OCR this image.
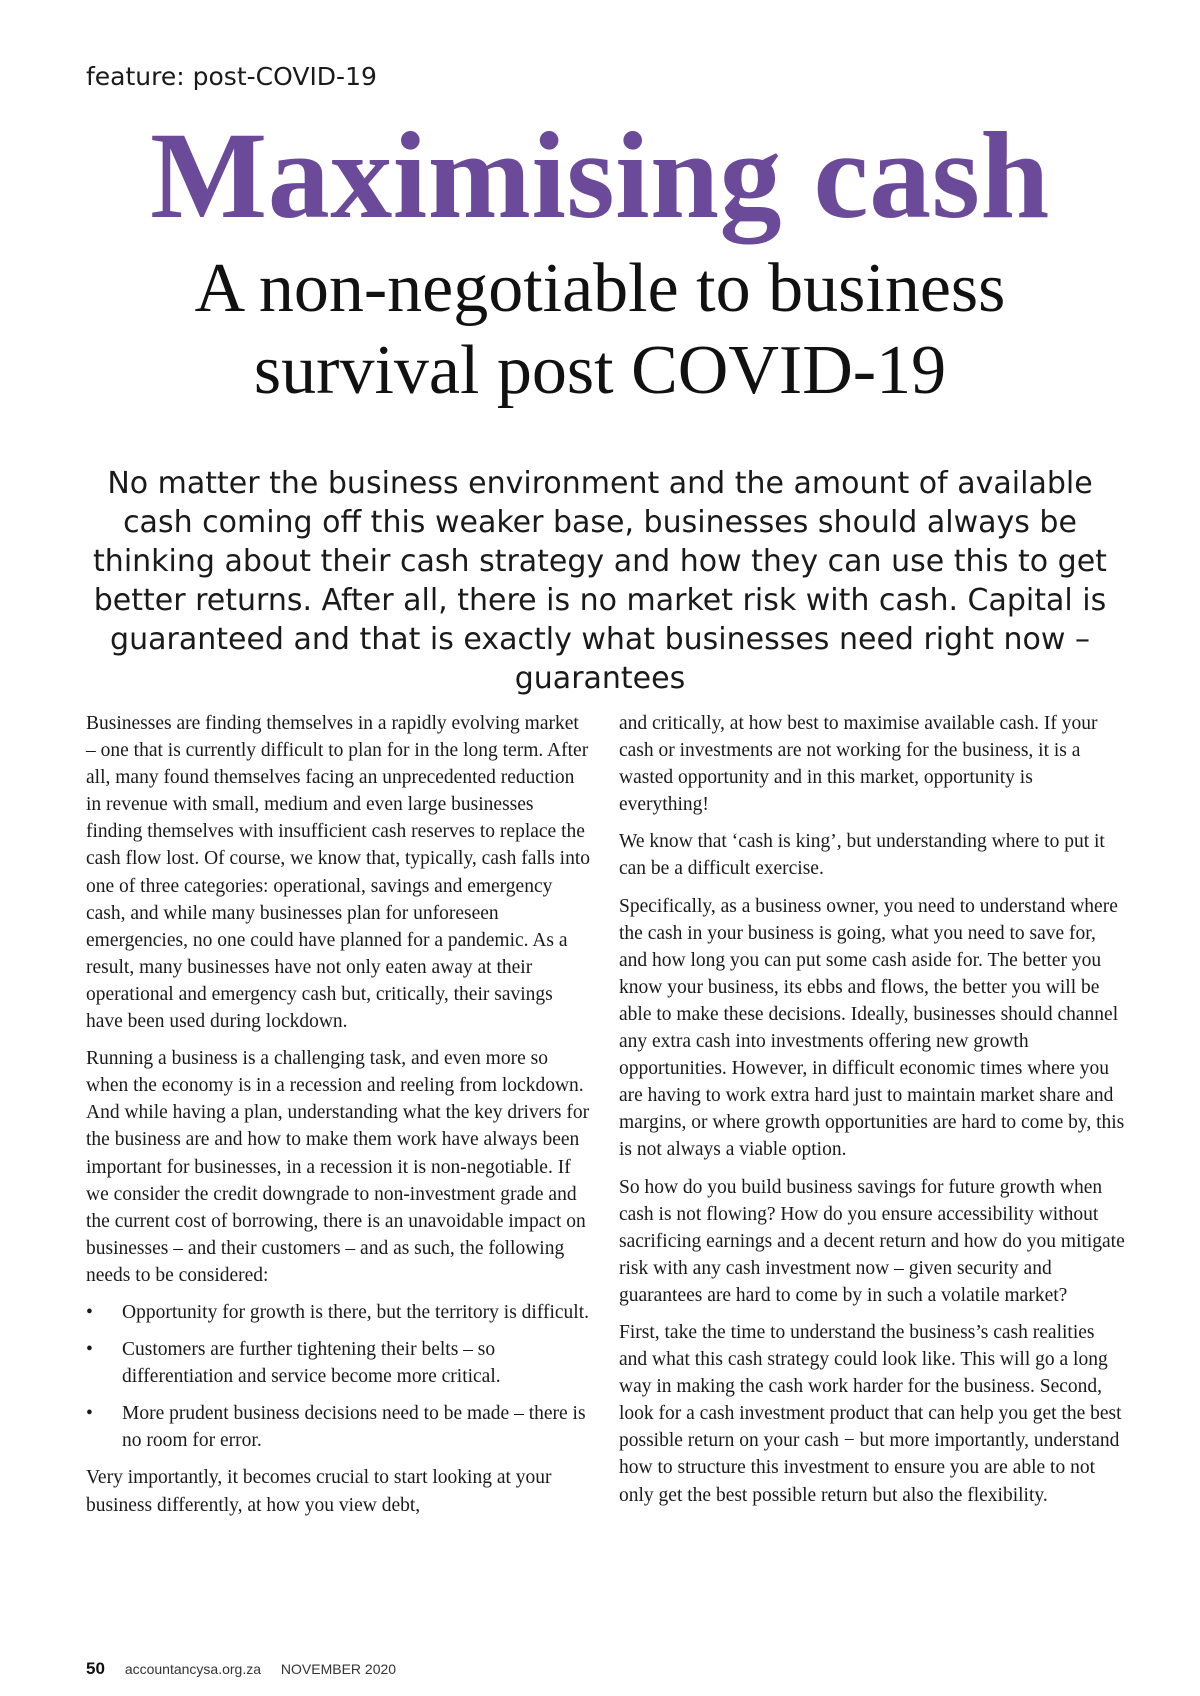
feature: post-COVID-19
Maximising cash
A non-negotiable to business survival post COVID-19
No matter the business environment and the amount of available cash coming off this weaker base, businesses should always be thinking about their cash strategy and how they can use this to get better returns. After all, there is no market risk with cash. Capital is guaranteed and that is exactly what businesses need right now – guarantees

Businesses are finding themselves in a rapidly evolving market – one that is currently difficult to plan for in the long term. After all, many found themselves facing an unprecedented reduction in revenue with small, medium and even large businesses finding themselves with insufficient cash reserves to replace the cash flow lost. Of course, we know that, typically, cash falls into one of three categories: operational, savings and emergency cash, and while many businesses plan for unforeseen emergencies, no one could have planned for a pandemic. As a result, many businesses have not only eaten away at their operational and emergency cash but, critically, their savings have been used during lockdown.

Running a business is a challenging task, and even more so when the economy is in a recession and reeling from lockdown. And while having a plan, understanding what the key drivers for the business are and how to make them work have always been important for businesses, in a recession it is non-negotiable. If we consider the credit downgrade to non-investment grade and the current cost of borrowing, there is an unavoidable impact on businesses – and their customers – and as such, the following needs to be considered:

• Opportunity for growth is there, but the territory is difficult.
• Customers are further tightening their belts – so differentiation and service become more critical.
• More prudent business decisions need to be made – there is no room for error.

Very importantly, it becomes crucial to start looking at your business differently, at how you view debt,

and critically, at how best to maximise available cash. If your cash or investments are not working for the business, it is a wasted opportunity and in this market, opportunity is everything!

We know that ‘cash is king’, but understanding where to put it can be a difficult exercise.

Specifically, as a business owner, you need to understand where the cash in your business is going, what you need to save for, and how long you can put some cash aside for. The better you know your business, its ebbs and flows, the better you will be able to make these decisions. Ideally, businesses should channel any extra cash into investments offering new growth opportunities. However, in difficult economic times where you are having to work extra hard just to maintain market share and margins, or where growth opportunities are hard to come by, this is not always a viable option.

So how do you build business savings for future growth when cash is not flowing? How do you ensure accessibility without sacrificing earnings and a decent return and how do you mitigate risk with any cash investment now – given security and guarantees are hard to come by in such a volatile market?

First, take the time to understand the business’s cash realities and what this cash strategy could look like. This will go a long way in making the cash work harder for the business. Second, look for a cash investment product that can help you get the best possible return on your cash − but more importantly, understand how to structure this investment to ensure you are able to not only get the best possible return but also the flexibility.

50 accountancysa.org.za NOVEMBER 2020
